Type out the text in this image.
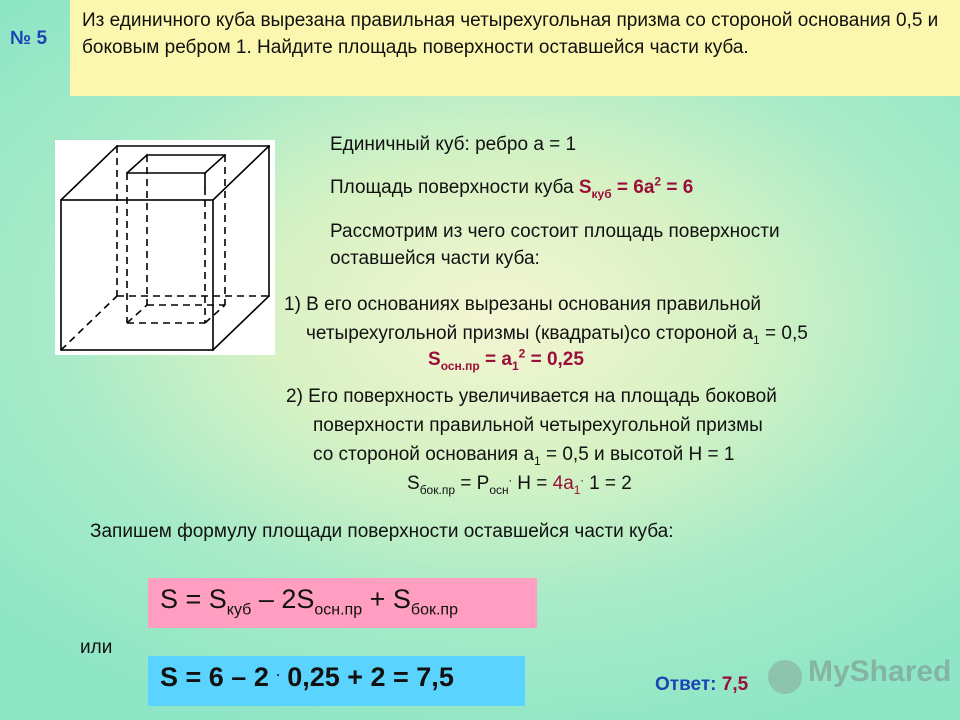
№ 5
Из единичного куба вырезана правильная четырехугольная призма со стороной основания 0,5 и боковым ребром 1. Найдите площадь поверхности оставшейся части куба.
Единичный куб: ребро а = 1
Площадь поверхности куба $S_{куб} = 6а^2 = 6$
Рассмотрим из чего состоит площадь поверхности
оставшейся части куба:
1) В его основаниях вырезаны основания правильной
четырехугольной призмы (квадраты)со стороной $а_1 = 0,5$
$S_{осн.пр} = а_1^2 = 0,25$
2) Его поверхность увеличивается на площадь боковой
поверхности правильной четырехугольной призмы
со стороной основания $а_1 = 0,5$ и высотой Н = 1
$S_{бок.пр} = Р_{осн}^.$ $Н = 4а_1^.$ 1 = 2
Запишем формулу площади поверхности оставшейся части куба:
$S = S_{куб} - 2S_{осн.пр} + S_{бок.пр}$
или
S = 6 – 2 . 0,25 + 2 = 7,5	Ответ: 7,5	MyShared
